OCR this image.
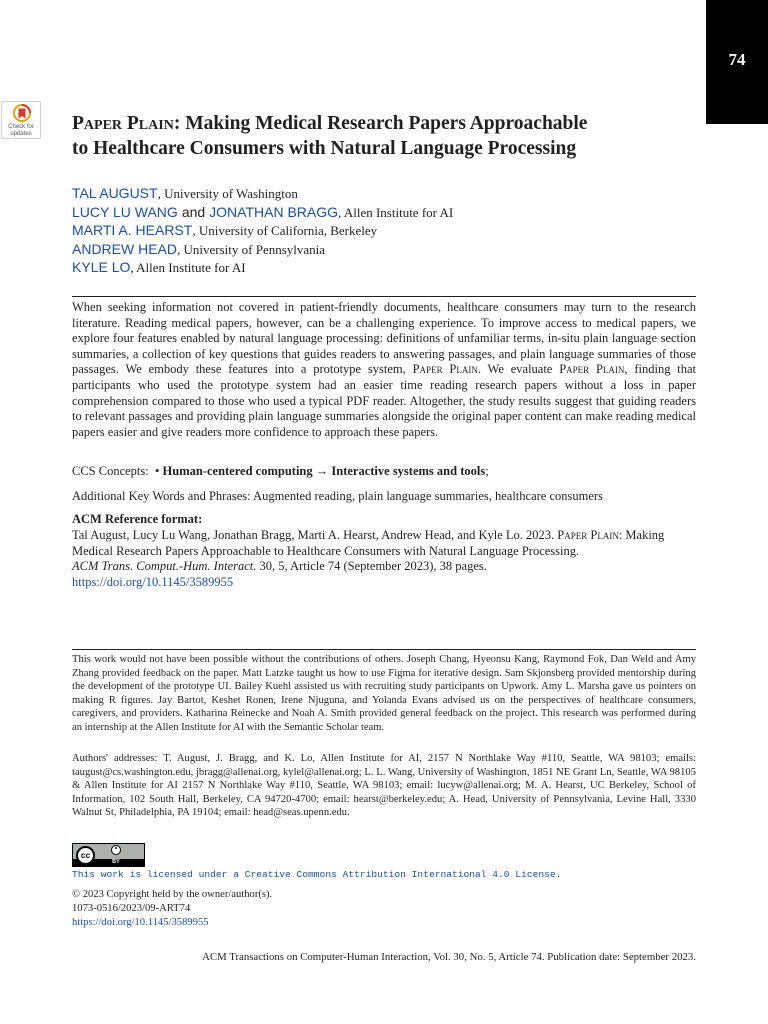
74
Check for
updates	Paper Plain: Making Medical Research Papers Approachable
to Healthcare Consumers with Natural Language Processing
TAL AUGUST, University of Washington
LUCY LU WANG and JONATHAN BRAGG, Allen Institute for AI
MARTI A. HEARST, University of California, Berkeley
ANDREW HEAD, University of Pennsylvania
KYLE LO, Allen Institute for AI

When seeking information not covered in patient-friendly documents, healthcare consumers may turn to the research literature. Reading medical papers, however, can be a challenging experience. To improve access to medical papers, we explore four features enabled by natural language processing: definitions of unfamiliar terms, in-situ plain language section summaries, a collection of key questions that guides readers to answering passages, and plain language summaries of those passages. We embody these features into a prototype system, Paper Plain. We evaluate Paper Plain, finding that participants who used the prototype system had an easier time reading research papers without a loss in paper comprehension compared to those who used a typical PDF reader. Altogether, the study results suggest that guiding readers to relevant passages and providing plain language summaries alongside the original paper content can make reading medical papers easier and give readers more confidence to approach these papers.

CCS Concepts: • Human-centered computing → Interactive systems and tools;

Additional Key Words and Phrases: Augmented reading, plain language summaries, healthcare consumers

ACM Reference format:

Tal August, Lucy Lu Wang, Jonathan Bragg, Marti A. Hearst, Andrew Head, and Kyle Lo. 2023. Paper Plain: Making Medical Research Papers Approachable to Healthcare Consumers with Natural Language Processing.
ACM Trans. Comput.-Hum. Interact. 30, 5, Article 74 (September 2023), 38 pages.
https://doi.org/10.1145/3589955

This work would not have been possible without the contributions of others. Joseph Chang, Hyeonsu Kang, Raymond Fok, Dan Weld and Amy Zhang provided feedback on the paper. Matt Latzke taught us how to use Figma for iterative design. Sam Skjonsberg provided mentorship during the development of the prototype UI. Bailey Kuehl assisted us with recruiting study participants on Upwork. Amy L. Marsha gave us pointers on making R figures. Jay Bartot, Keshet Ronen, Irene Njuguna, and Yolanda Evans advised us on the perspectives of healthcare consumers, caregivers, and providers. Katharina Reinecke and Noah A. Smith provided general feedback on the project. This research was performed during an internship at the Allen Institute for AI with the Semantic Scholar team.

Authors' addresses: T. August, J. Bragg, and K. Lo, Allen Institute for AI, 2157 N Northlake Way #110, Seattle, WA 98103; emails: taugust@cs.washington.edu, jbragg@allenai.org, kylel@allenai.org; L. L. Wang, University of Washington, 1851 NE Grant Ln, Seattle, WA 98105 & Allen Institute for AI 2157 N Northlake Way #110, Seattle, WA 98103; email: lucyw@allenai.org; M. A. Hearst, UC Berkeley, School of Information, 102 South Hall, Berkeley, CA 94720-4700; email: hearst@berkeley.edu; A. Head, University of Pennsylvania, Levine Hall, 3330 Walnut St, Philadelphia, PA 19104; email: head@seas.upenn.edu.

cc
BY
This work is licensed under a Creative Commons Attribution International 4.0 License.

© 2023 Copyright held by the owner/author(s).

1073-0516/2023/09-ART74

https://doi.org/10.1145/3589955

ACM Transactions on Computer-Human Interaction, Vol. 30, No. 5, Article 74. Publication date: September 2023.
